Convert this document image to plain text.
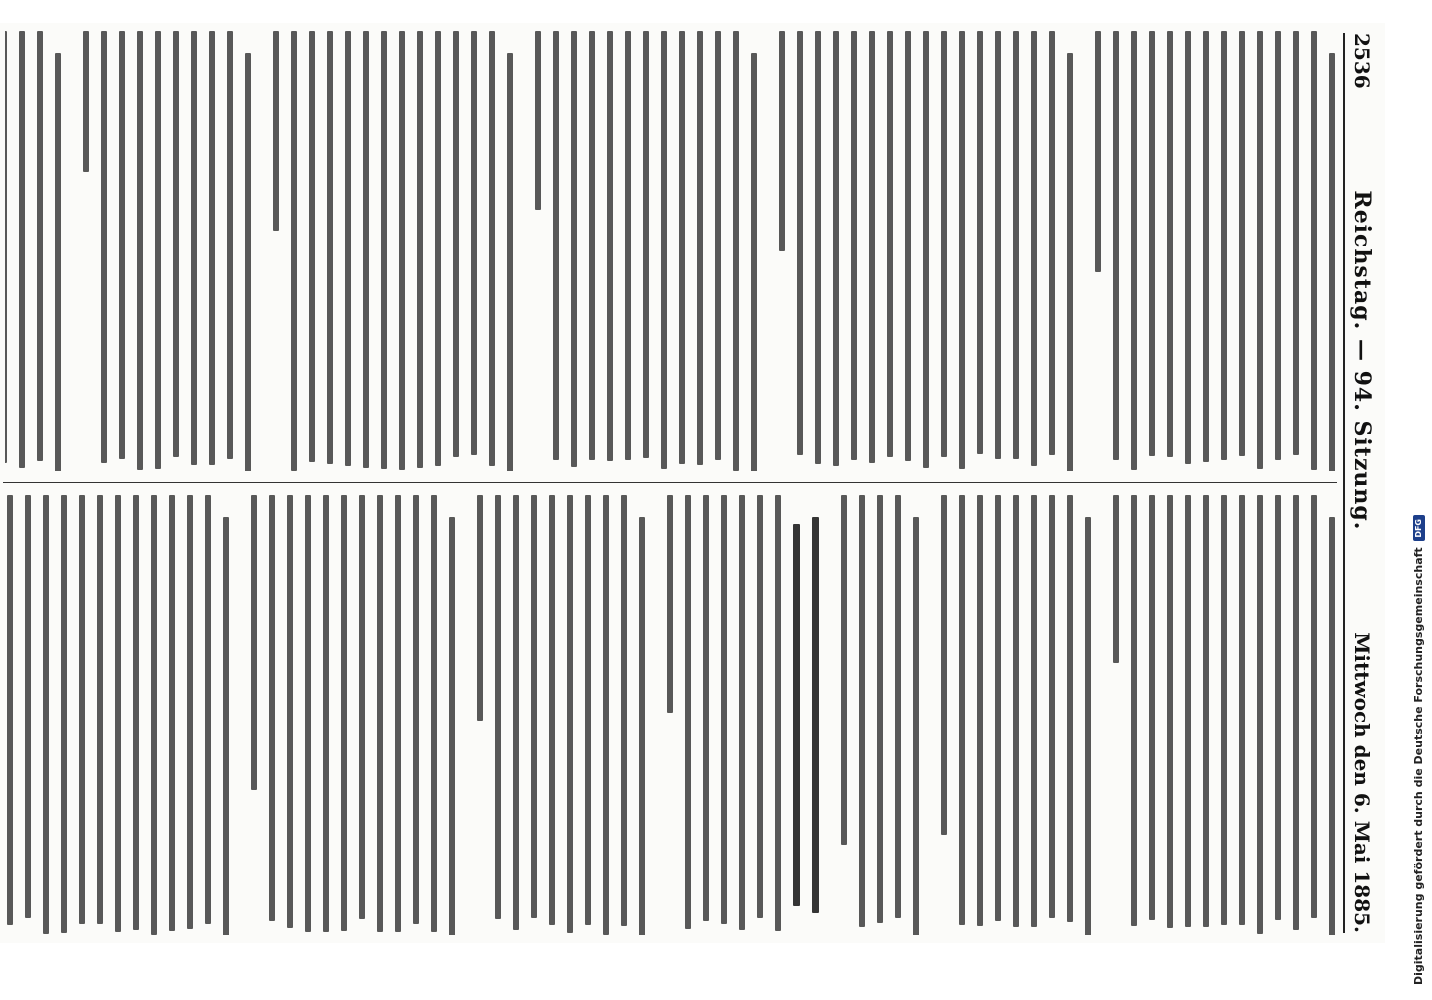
2536
Reichstag. — 94. Sitzung.
Mittwoch den 6. Mai 1885.	Digitalisierung gefördert durch die Deutsche Forschungsgemeinschaft
DFG
